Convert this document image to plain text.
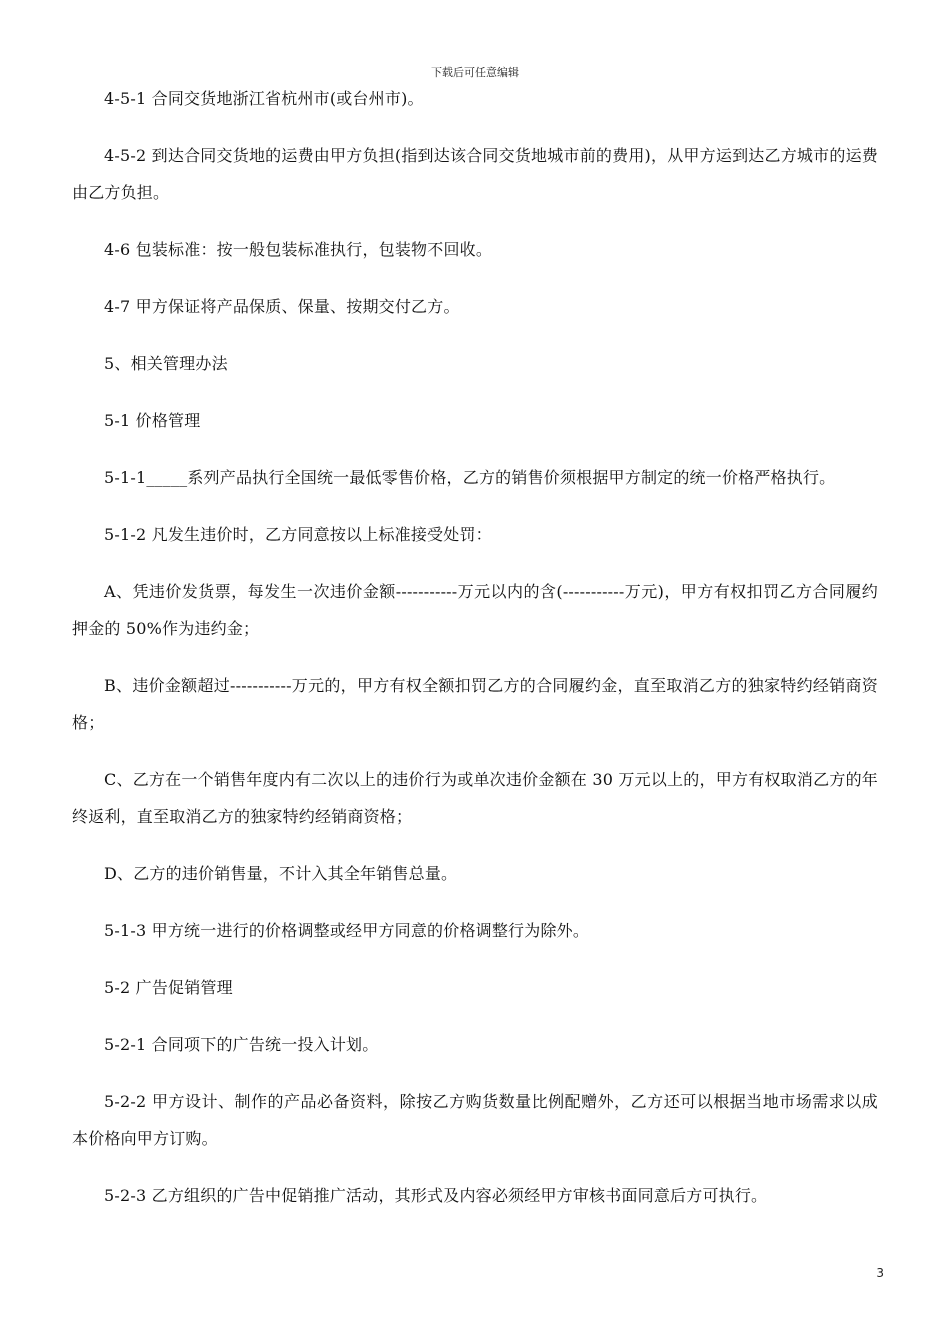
下载后可任意编辑

4-5-1 合同交货地浙江省杭州市(或台州市)。

4-5-2 到达合同交货地的运费由甲方负担(指到达该合同交货地城市前的费用)，从甲方运到达乙方城市的运费由乙方负担。

4-6 包装标准：按一般包装标准执行，包装物不回收。

4-7 甲方保证将产品保质、保量、按期交付乙方。

5、相关管理办法

5-1 价格管理

5-1-1_____系列产品执行全国统一最低零售价格，乙方的销售价须根据甲方制定的统一价格严格执行。

5-1-2 凡发生违价时，乙方同意按以上标准接受处罚：

A、凭违价发货票，每发生一次违价金额-----------万元以内的含(-----------万元)，甲方有权扣罚乙方合同履约押金的 50%作为违约金；

B、违价金额超过-----------万元的，甲方有权全额扣罚乙方的合同履约金，直至取消乙方的独家特约经销商资格；

C、乙方在一个销售年度内有二次以上的违价行为或单次违价金额在 30 万元以上的，甲方有权取消乙方的年终返利，直至取消乙方的独家特约经销商资格；

D、乙方的违价销售量，不计入其全年销售总量。

5-1-3 甲方统一进行的价格调整或经甲方同意的价格调整行为除外。

5-2 广告促销管理

5-2-1 合同项下的广告统一投入计划。

5-2-2 甲方设计、制作的产品必备资料，除按乙方购货数量比例配赠外，乙方还可以根据当地市场需求以成本价格向甲方订购。

5-2-3 乙方组织的广告中促销推广活动，其形式及内容必须经甲方审核书面同意后方可执行。

3
